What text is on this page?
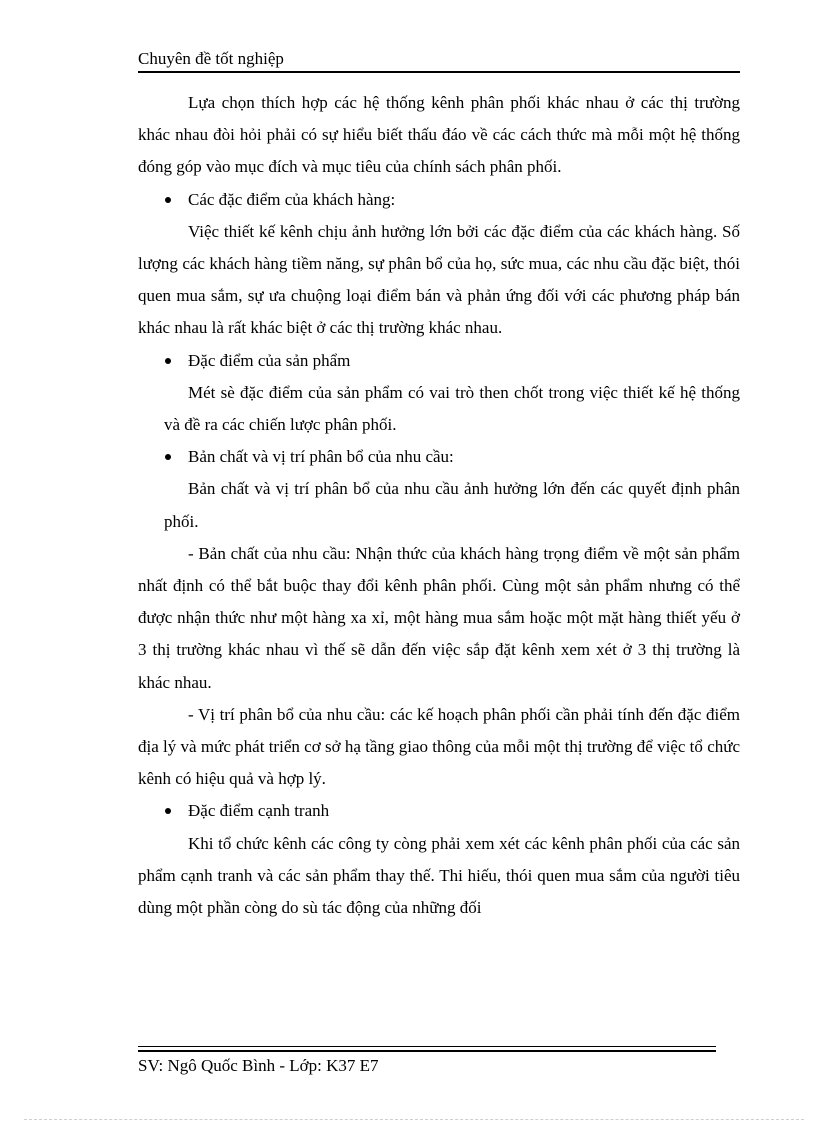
Chuyên đề tốt nghiệp

Lựa chọn thích hợp các hệ thống kênh phân phối khác nhau ở các thị trường khác nhau đòi hỏi phải có sự hiểu biết thấu đáo về các cách thức mà mỗi một hệ thống đóng góp vào mục đích và mục tiêu của chính sách phân phối.

Các đặc điểm của khách hàng:

Việc thiết kế kênh chịu ảnh hưởng lớn bởi các đặc điểm của các khách hàng. Số lượng các khách hàng tiềm năng, sự phân bổ của họ, sức mua, các nhu cầu đặc biệt, thói quen mua sắm, sự ưa chuộng loại điểm bán và phản ứng đối với các phương pháp bán khác nhau là rất khác biệt ở các thị trường khác nhau.

Đặc điểm của sản phẩm

Mét sè đặc điểm của sản phẩm có vai trò then chốt trong việc thiết kế hệ thống và đề ra các chiến lược phân phối.

Bản chất và vị trí phân bổ của nhu cầu:

Bản chất và vị trí phân bổ của nhu cầu ảnh hưởng lớn đến các quyết định phân phối.

- Bản chất của nhu cầu: Nhận thức của khách hàng trọng điểm về một sản phẩm nhất định có thể bắt buộc thay đổi kênh phân phối. Cùng một sản phẩm nhưng có thể được nhận thức như một hàng xa xỉ, một hàng mua sắm hoặc một mặt hàng thiết yếu ở 3 thị trường khác nhau vì thế sẽ dẫn đến việc sắp đặt kênh xem xét ở 3 thị trường là khác nhau.

- Vị trí phân bổ của nhu cầu: các kế hoạch phân phối cần phải tính đến đặc điểm địa lý và mức phát triển cơ sở hạ tầng giao thông của mỗi một thị trường để việc tổ chức kênh có hiệu quả và hợp lý.

Đặc điểm cạnh tranh

Khi tổ chức kênh các công ty còng phải xem xét các kênh phân phối của các sản phẩm cạnh tranh và các sản phẩm thay thế. Thi hiếu, thói quen mua sắm của người tiêu dùng một phần còng do sù tác động của những đối

SV: Ngô Quốc Bình - Lớp: K37 E7
